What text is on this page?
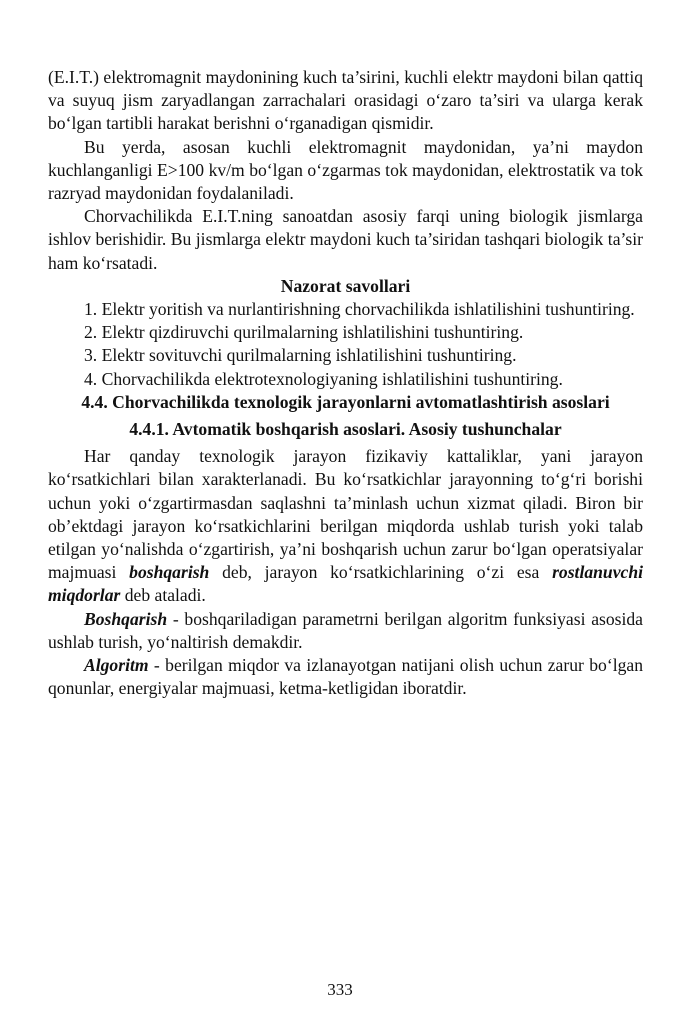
(E.I.T.) elektromagnit maydonining kuch ta’sirini, kuchli elektr maydoni bilan qattiq va suyuq jism zaryadlangan zarrachalari orasidagi o‘zaro ta’siri va ularga kerak bo‘lgan tartibli harakat berishni o‘rganadigan qismidir.

Bu yerda, asosan kuchli elektromagnit maydonidan, ya’ni maydon kuchlanganligi E>100 kv/m bo‘lgan o‘zgarmas tok maydonidan, elektrostatik va tok razryad maydonidan foydalaniladi.

Chorvachilikda E.I.T.ning sanoatdan asosiy farqi uning biologik jismlarga ishlov berishidir. Bu jismlarga elektr maydoni kuch ta’siridan tashqari biologik ta’sir ham ko‘rsatadi.

Nazorat savollari

1. Elektr yoritish va nurlantirishning chorvachilikda ishlatilishini tushuntiring.

2. Elektr qizdiruvchi qurilmalarning ishlatilishini tushuntiring.

3. Elektr sovituvchi qurilmalarning ishlatilishini tushuntiring.

4. Chorvachilikda elektrotexnologiyaning ishlatilishini tushuntiring.

4.4. Chorvachilikda texnologik jarayonlarni avtomatlashtirish asoslari

4.4.1. Avtomatik boshqarish asoslari. Asosiy tushunchalar

Har qanday texnologik jarayon fizikaviy kattaliklar, yani jarayon ko‘rsatkichlari bilan xarakterlanadi. Bu ko‘rsatkichlar jarayonning to‘g‘ri borishi uchun yoki o‘zgartirmasdan saqlashni ta’minlash uchun xizmat qiladi. Biron bir ob’ektdagi jarayon ko‘rsatkichlarini berilgan miqdorda ushlab turish yoki talab etilgan yo‘nalishda o‘zgartirish, ya’ni boshqarish uchun zarur bo‘lgan operatsiyalar majmuasi boshqarish deb, jarayon ko‘rsatkichlarining o‘zi esa rostlanuvchi miqdorlar deb ataladi.

Boshqarish - boshqariladigan parametrni berilgan algoritm funksiyasi asosida ushlab turish, yo‘naltirish demakdir.

Algoritm - berilgan miqdor va izlanayotgan natijani olish uchun zarur bo‘lgan qonunlar, energiyalar majmuasi, ketma-ketligidan iboratdir.

333
